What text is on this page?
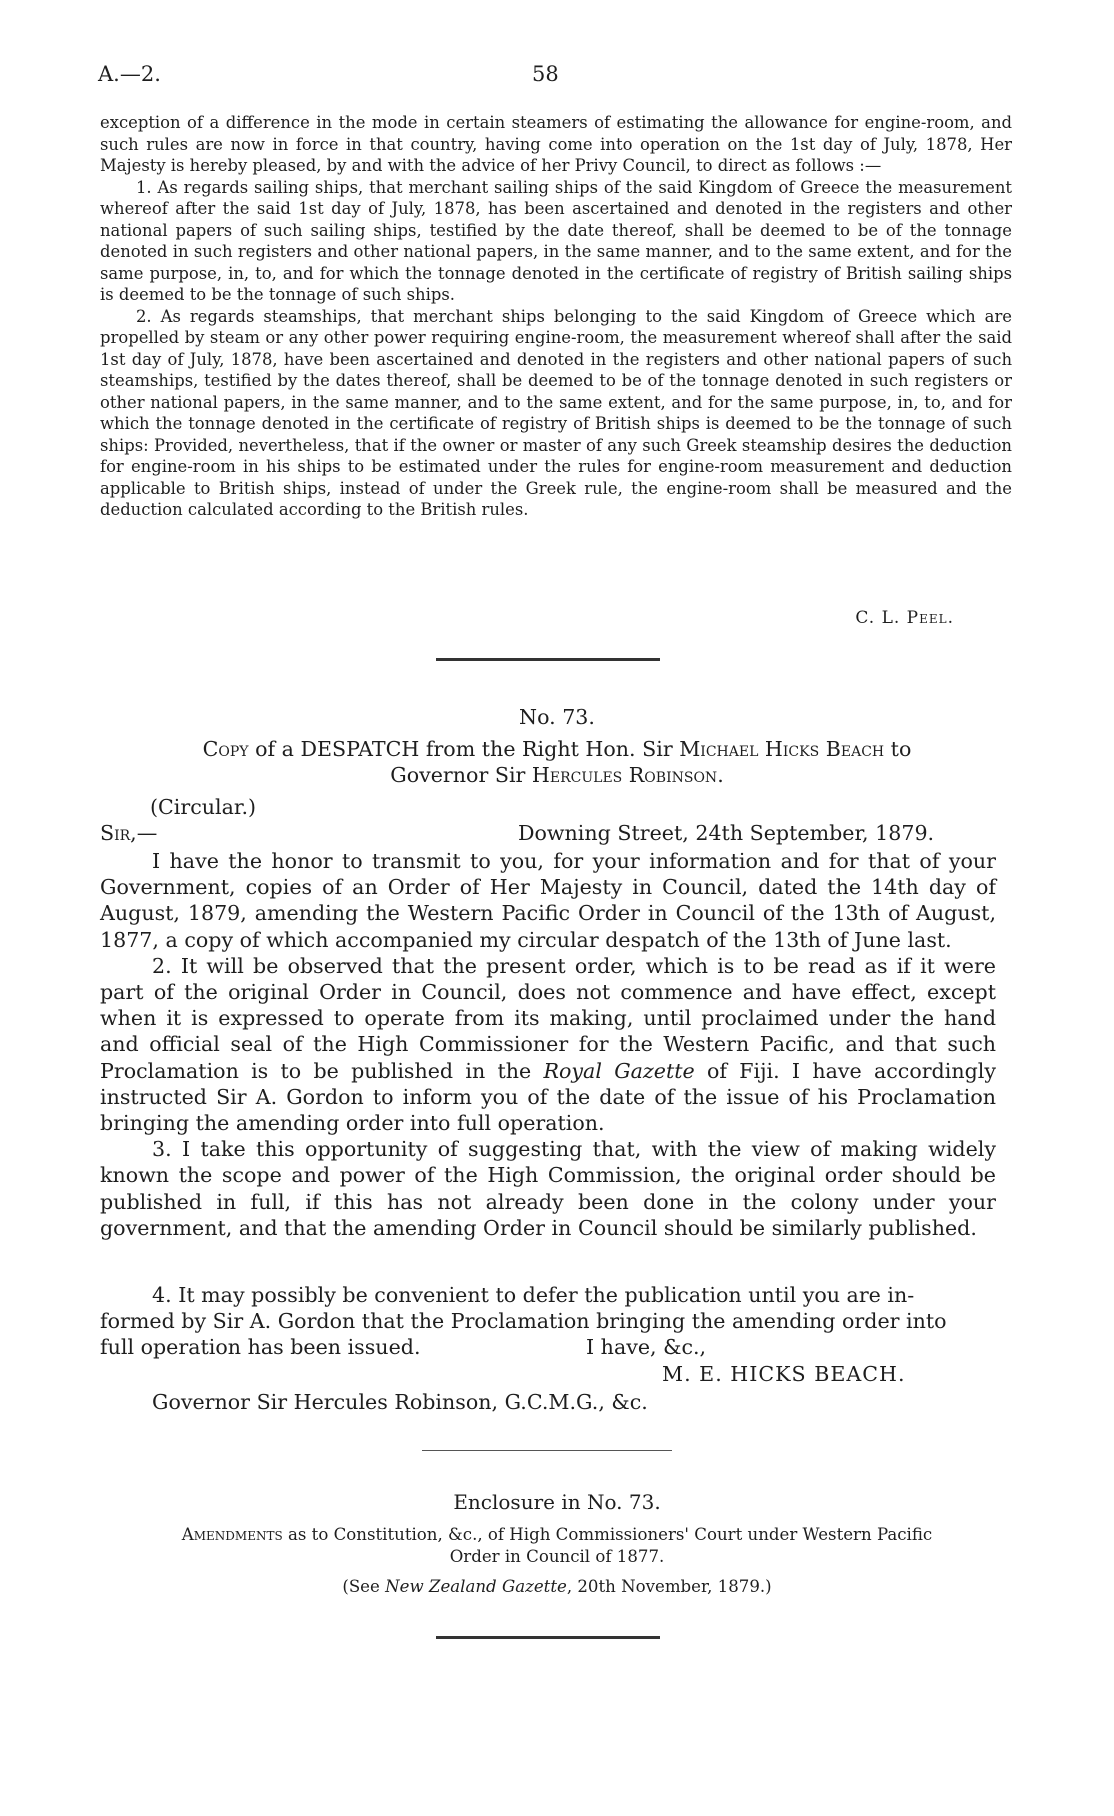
A.—2.	58

exception of a difference in the mode in certain steamers of estimating the allowance for engine-room, and such rules are now in force in that country, having come into operation on the 1st day of July, 1878, Her Majesty is hereby pleased, by and with the advice of her Privy Council, to direct as follows :—

1. As regards sailing ships, that merchant sailing ships of the said Kingdom of Greece the measurement whereof after the said 1st day of July, 1878, has been ascertained and denoted in the registers and other national papers of such sailing ships, testified by the date thereof, shall be deemed to be of the tonnage denoted in such registers and other national papers, in the same manner, and to the same extent, and for the same purpose, in, to, and for which the tonnage denoted in the certificate of registry of British sailing ships is deemed to be the tonnage of such ships.

2. As regards steamships, that merchant ships belonging to the said Kingdom of Greece which are propelled by steam or any other power requiring engine-room, the measurement whereof shall after the said 1st day of July, 1878, have been ascertained and denoted in the registers and other national papers of such steamships, testified by the dates thereof, shall be deemed to be of the tonnage denoted in such registers or other national papers, in the same manner, and to the same extent, and for the same purpose, in, to, and for which the tonnage denoted in the certificate of registry of British ships is deemed to be the tonnage of such ships: Provided, nevertheless, that if the owner or master of any such Greek steamship desires the deduction for engine-room in his ships to be estimated under the rules for engine-room measurement and deduction applicable to British ships, instead of under the Greek rule, the engine-room shall be measured and the deduction calculated according to the British rules.

C. L. Peel.
No. 73.
Copy of a DESPATCH from the Right Hon. Sir Michael Hicks Beach to
Governor Sir Hercules Robinson.
(Circular.)
Sir,—	Downing Street, 24th September, 1879.

I have the honor to transmit to you, for your information and for that of your Government, copies of an Order of Her Majesty in Council, dated the 14th day of August, 1879, amending the Western Pacific Order in Council of the 13th of August, 1877, a copy of which accompanied my circular despatch of the 13th of June last.

2. It will be observed that the present order, which is to be read as if it were part of the original Order in Council, does not commence and have effect, except when it is expressed to operate from its making, until proclaimed under the hand and official seal of the High Commissioner for the Western Pacific, and that such Proclamation is to be published in the Royal Gazette of Fiji. I have accordingly instructed Sir A. Gordon to inform you of the date of the issue of his Proclamation bringing the amending order into full operation.

3. I take this opportunity of suggesting that, with the view of making widely known the scope and power of the High Commission, the original order should be published in full, if this has not already been done in the colony under your government, and that the amending Order in Council should be similarly published.

4. It may possibly be convenient to defer the publication until you are in-
formed by Sir A. Gordon that the Proclamation bringing the amending order into
full operation has been issued.	I have, &c.,
M. E. HICKS BEACH.
Governor Sir Hercules Robinson, G.C.M.G., &c.
Enclosure in No. 73.
Amendments as to Constitution, &c., of High Commissioners' Court under Western Pacific
Order in Council of 1877.
(See New Zealand Gazette, 20th November, 1879.)
